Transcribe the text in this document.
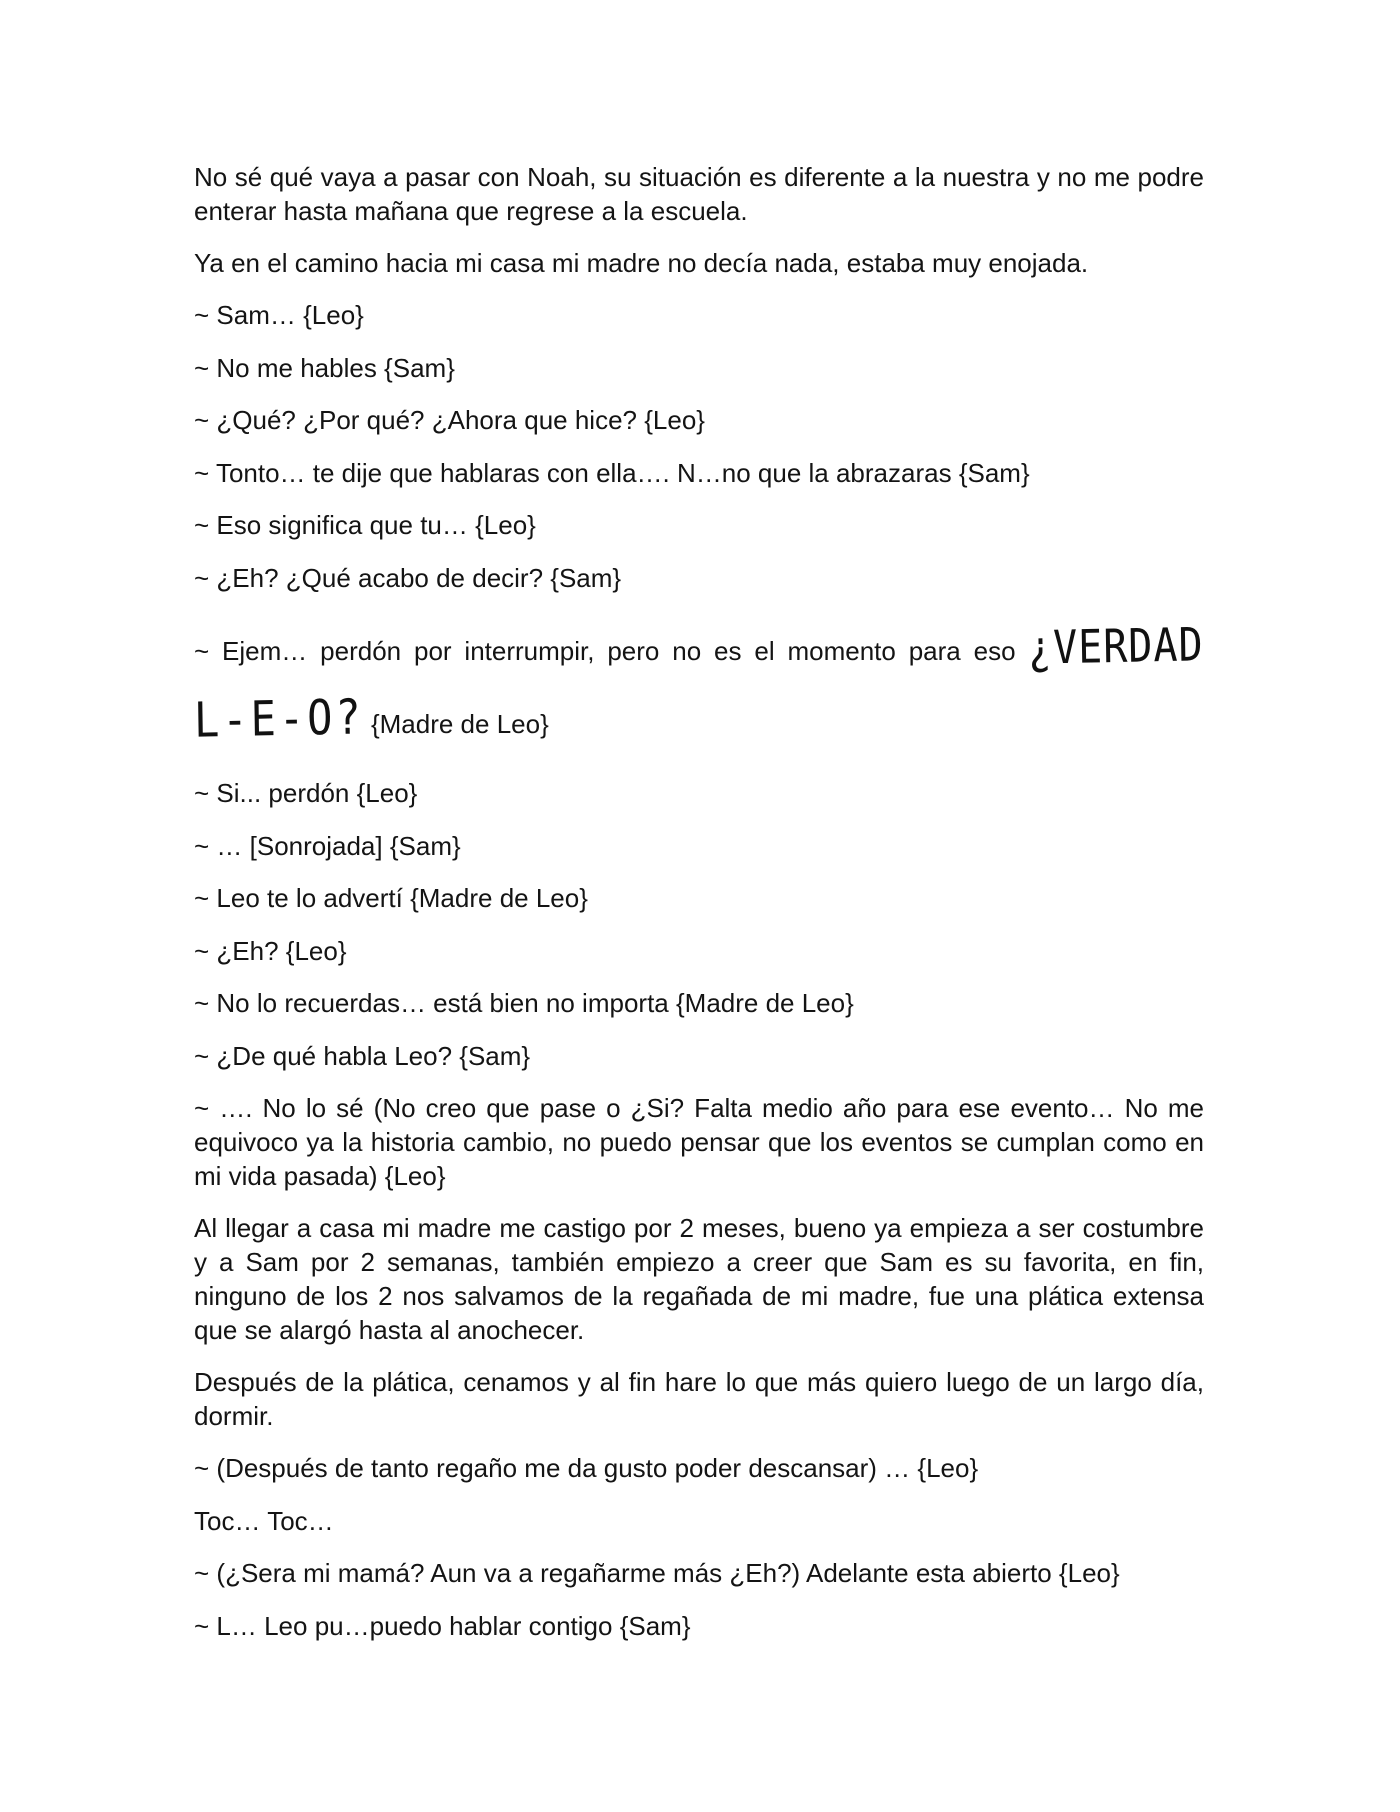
No sé qué vaya a pasar con Noah, su situación es diferente a la nuestra y no me podre enterar hasta mañana que regrese a la escuela.

Ya en el camino hacia mi casa mi madre no decía nada, estaba muy enojada.

~ Sam… {Leo}
~ No me hables {Sam}
~ ¿Qué? ¿Por qué? ¿Ahora que hice? {Leo}
~ Tonto… te dije que hablaras con ella…. N…no que la abrazaras {Sam}
~ Eso significa que tu… {Leo}
~ ¿Eh? ¿Qué acabo de decir? {Sam}
~ Ejem… perdón por interrumpir, pero no es el momento para eso ¿VERDAD
L-E-O? {Madre de Leo}
~ Si... perdón {Leo}
~ … [Sonrojada] {Sam}
~ Leo te lo advertí {Madre de Leo}
~ ¿Eh? {Leo}
~ No lo recuerdas… está bien no importa {Madre de Leo}
~ ¿De qué habla Leo? {Sam}

~ …. No lo sé (No creo que pase o ¿Si? Falta medio año para ese evento… No me equivoco ya la historia cambio, no puedo pensar que los eventos se cumplan como en mi vida pasada) {Leo}

Al llegar a casa mi madre me castigo por 2 meses, bueno ya empieza a ser costumbre y a Sam por 2 semanas, también empiezo a creer que Sam es su favorita, en fin, ninguno de los 2 nos salvamos de la regañada de mi madre, fue una plática extensa que se alargó hasta al anochecer.

Después de la plática, cenamos y al fin hare lo que más quiero luego de un largo día, dormir.

~ (Después de tanto regaño me da gusto poder descansar) … {Leo}
Toc… Toc…
~ (¿Sera mi mamá? Aun va a regañarme más ¿Eh?) Adelante esta abierto {Leo}
~ L… Leo pu…puedo hablar contigo {Sam}
